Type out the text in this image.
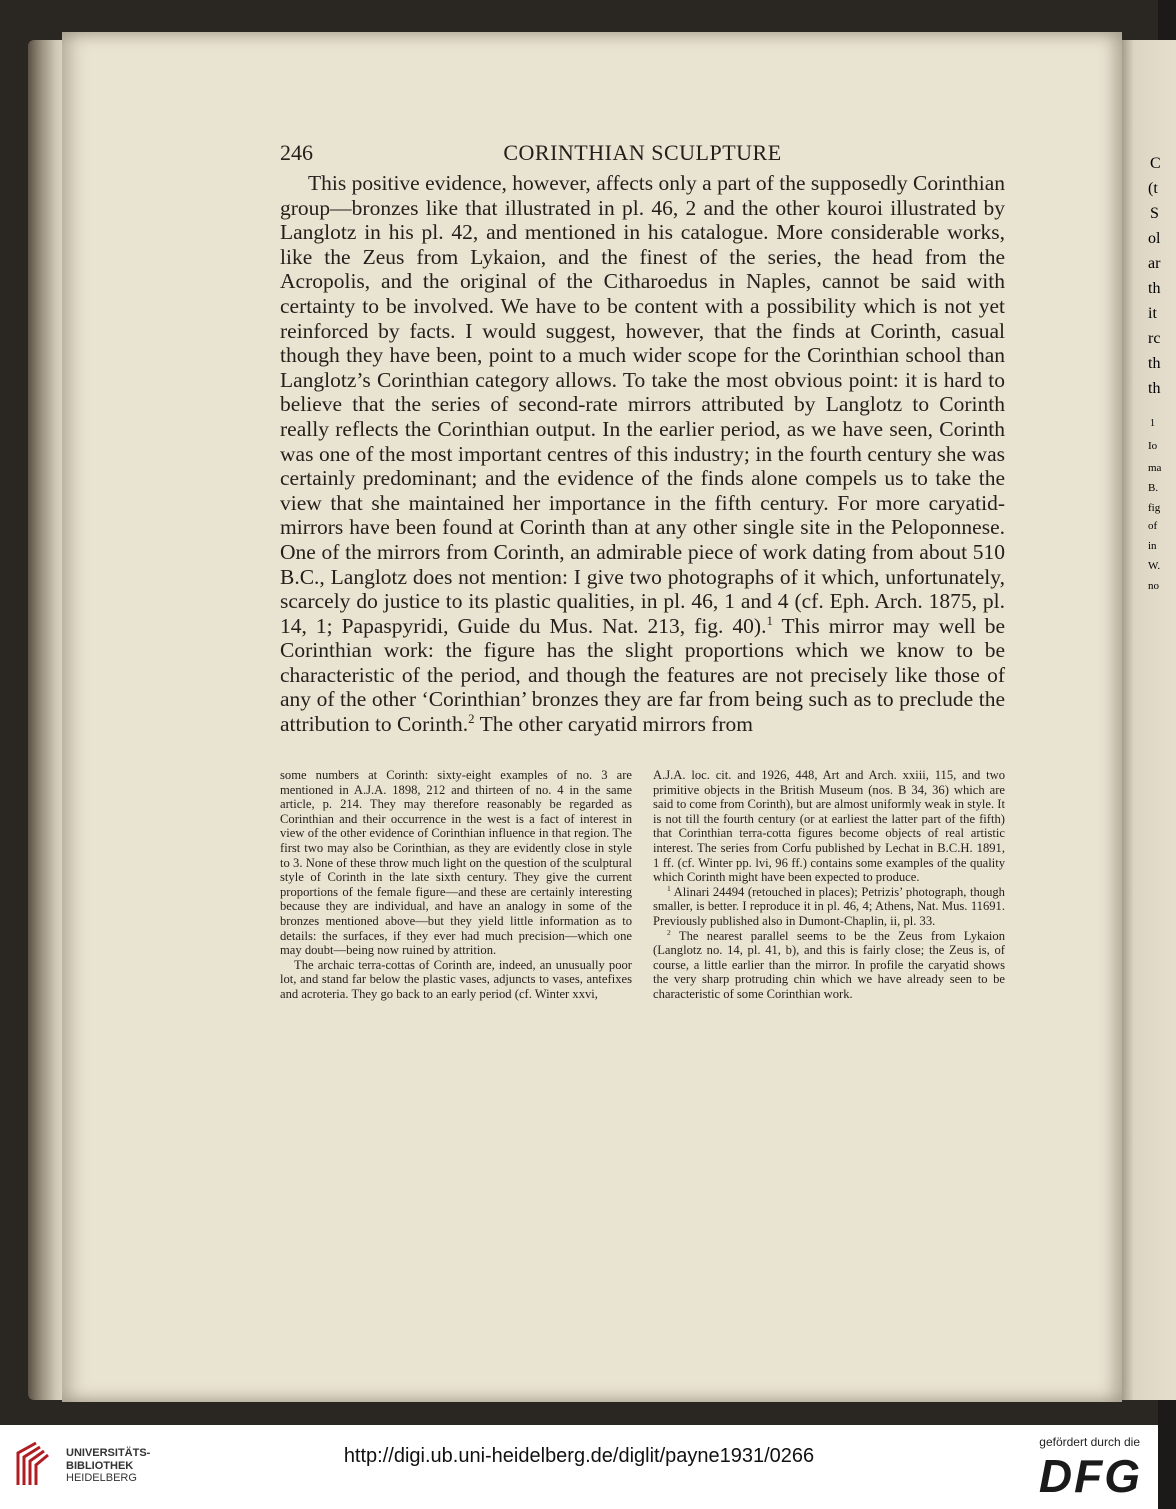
246	CORINTHIAN SCULPTURE

This positive evidence, however, affects only a part of the supposedly Corinthian group—bronzes like that illustrated in pl. 46, 2 and the other kouroi illustrated by Langlotz in his pl. 42, and mentioned in his catalogue. More considerable works, like the Zeus from Lykaion, and the finest of the series, the head from the Acropolis, and the original of the Citharoedus in Naples, cannot be said with certainty to be involved. We have to be content with a possibility which is not yet reinforced by facts. I would suggest, however, that the finds at Corinth, casual though they have been, point to a much wider scope for the Corinthian school than Langlotz’s Corinthian category allows. To take the most obvious point: it is hard to believe that the series of second-rate mirrors attributed by Langlotz to Corinth really reflects the Corinthian output. In the earlier period, as we have seen, Corinth was one of the most important centres of this industry; in the fourth century she was certainly predominant; and the evidence of the finds alone compels us to take the view that she maintained her importance in the fifth century. For more caryatid-mirrors have been found at Corinth than at any other single site in the Peloponnese. One of the mirrors from Corinth, an admirable piece of work dating from about 510 B.C., Langlotz does not mention: I give two photographs of it which, unfortunately, scarcely do justice to its plastic qualities, in pl. 46, 1 and 4 (cf. Eph. Arch. 1875, pl. 14, 1; Papaspyridi, Guide du Mus. Nat. 213, fig. 40).$^1$ This mirror may well be Corinthian work: the figure has the slight proportions which we know to be characteristic of the period, and though the features are not precisely like those of any of the other ‘Corinthian’ bronzes they are far from being such as to preclude the attribution to Corinth.$^2$ The other caryatid mirrors from

some numbers at Corinth: sixty-eight examples of no. 3 are mentioned in A.J.A. 1898, 212 and thirteen of no. 4 in the same article, p. 214. They may therefore reasonably be regarded as Corinthian and their occurrence in the west is a fact of interest in view of the other evidence of Corinthian influence in that region. The first two may also be Corinthian, as they are evidently close in style to 3. None of these throw much light on the question of the sculptural style of Corinth in the late sixth century. They give the current proportions of the female figure—and these are certainly interesting because they are individual, and have an analogy in some of the bronzes mentioned above—but they yield little information as to details: the surfaces, if they ever had much precision—which one may doubt—being now ruined by attrition.

The archaic terra-cottas of Corinth are, indeed, an unusually poor lot, and stand far below the plastic vases, adjuncts to vases, antefixes and acroteria. They go back to an early period (cf. Winter xxvi,

A.J.A. loc. cit. and 1926, 448, Art and Arch. xxiii, 115, and two primitive objects in the British Museum (nos. B 34, 36) which are said to come from Corinth), but are almost uniformly weak in style. It is not till the fourth century (or at earliest the latter part of the fifth) that Corinthian terra-cotta figures become objects of real artistic interest. The series from Corfu published by Lechat in B.C.H. 1891, 1 ff. (cf. Winter pp. lvi, 96 ff.) contains some examples of the quality which Corinth might have been expected to produce.

$^1$ Alinari 24494 (retouched in places); Petrizis’ photograph, though smaller, is better. I reproduce it in pl. 46, 4; Athens, Nat. Mus. 11691. Previously published also in Dumont-Chaplin, ii, pl. 33.

$^2$ The nearest parallel seems to be the Zeus from Lykaion (Langlotz no. 14, pl. 41, b), and this is fairly close; the Zeus is, of course, a little earlier than the mirror. In profile the caryatid shows the very sharp protruding chin which we have already seen to be characteristic of some Corinthian work.

C
(t
S
ol
ar
th
it
rc
th
th
1
Io
ma
B.
fig
of
in
W.
no
UNIVERSITÄTS-
BIBLIOTHEK
HEIDELBERG
http://digi.ub.uni-heidelberg.de/diglit/payne1931/0266
gefördert durch die
DFG
